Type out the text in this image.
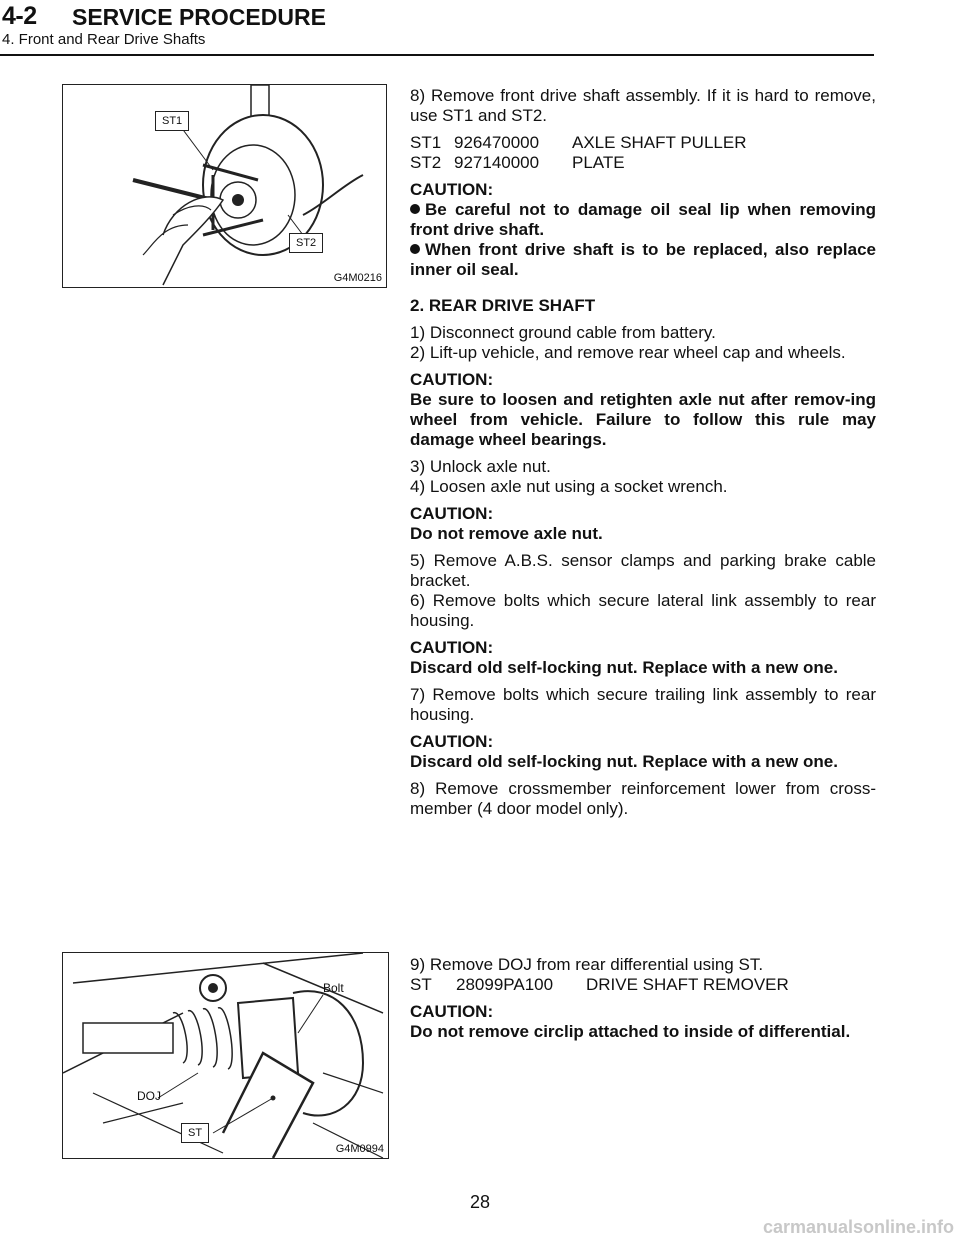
4-2 SERVICE PROCEDURE
4. Front and Rear Drive Shafts
ST1
ST2
G4M0216
Bolt
DOJ
ST
G4M0994

8) Remove front drive shaft assembly. If it is hard to remove, use ST1 and ST2.

ST1 926470000	AXLE SHAFT PULLER
ST2 927140000	PLATE

CAUTION:

Be careful not to damage oil seal lip when removing front drive shaft.

When front drive shaft is to be replaced, also replace inner oil seal.

2. REAR DRIVE SHAFT

1) Disconnect ground cable from battery.

2) Lift-up vehicle, and remove rear wheel cap and wheels.

CAUTION:

Be sure to loosen and retighten axle nut after remov-ing wheel from vehicle. Failure to follow this rule may damage wheel bearings.

3) Unlock axle nut.

4) Loosen axle nut using a socket wrench.

CAUTION:

Do not remove axle nut.

5) Remove A.B.S. sensor clamps and parking brake cable bracket.

6) Remove bolts which secure lateral link assembly to rear housing.

CAUTION:

Discard old self-locking nut. Replace with a new one.

7) Remove bolts which secure trailing link assembly to rear housing.

CAUTION:

Discard old self-locking nut. Replace with a new one.

8) Remove crossmember reinforcement lower from cross-member (4 door model only).

9) Remove DOJ from rear differential using ST.

ST	28099PA100	DRIVE SHAFT REMOVER

CAUTION:

Do not remove circlip attached to inside of differential.

28
carmanualsonline.info
